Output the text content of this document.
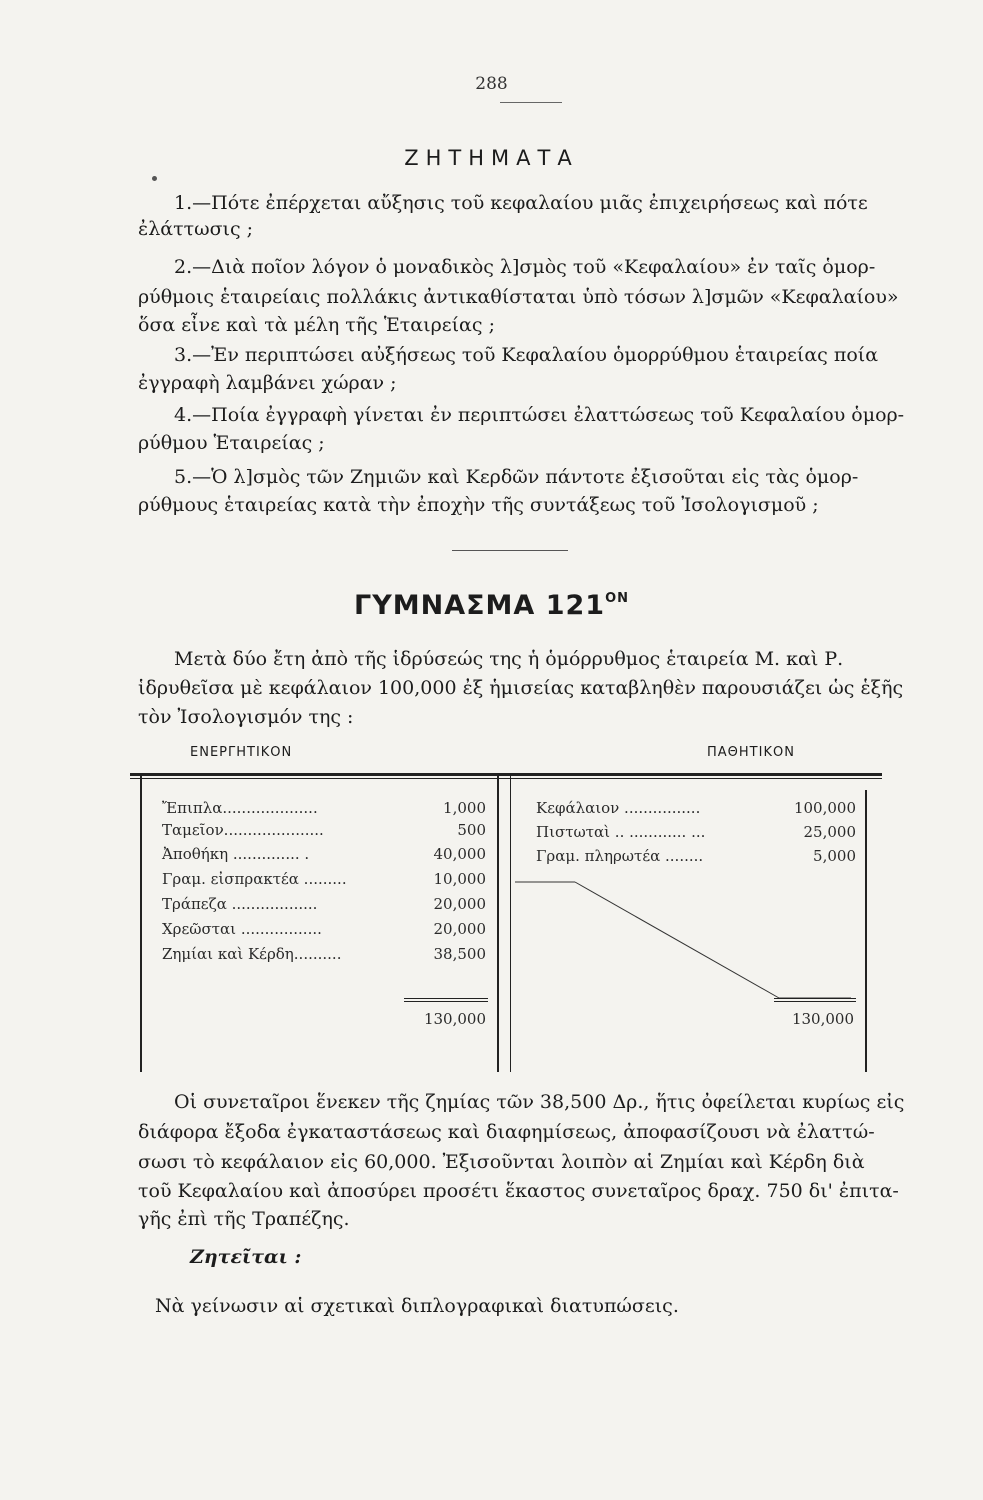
288
ΖΗΤΗΜΑΤΑ
1.—Πότε ἐπέρχεται αὔξησις τοῦ κεφαλαίου μιᾶς ἐπιχειρήσεως καὶ πότε
ἐλάττωσις ;
2.—Διὰ ποῖον λόγον ὁ μοναδικὸς λ]σμὸς τοῦ «Κεφαλαίου» ἐν ταῖς ὁμορ-
ρύθμοις ἑταιρείαις πολλάκις ἀντικαθίσταται ὑπὸ τόσων λ]σμῶν «Κεφαλαίου»
ὅσα εἶνε καὶ τὰ μέλη τῆς Ἑταιρείας ;
3.—Ἐν περιπτώσει αὐξήσεως τοῦ Κεφαλαίου ὁμορρύθμου ἑταιρείας ποία
ἐγγραφὴ λαμβάνει χώραν ;
4.—Ποία ἐγγραφὴ γίνεται ἐν περιπτώσει ἐλαττώσεως τοῦ Κεφαλαίου ὁμορ-
ρύθμου Ἑταιρείας ;
5.—Ὁ λ]σμὸς τῶν Ζημιῶν καὶ Κερδῶν πάντοτε ἐξισοῦται εἰς τὰς ὁμορ-
ρύθμους ἑταιρείας κατὰ τὴν ἐποχὴν τῆς συντάξεως τοῦ Ἰσολογισμοῦ ;
ΓΥΜΝΑΣΜΑ $121^{ON}$
Μετὰ δύο ἔτη ἀπὸ τῆς ἱδρύσεώς της ἡ ὁμόρρυθμος ἑταιρεία Μ. καὶ Ρ.
ἱδρυθεῖσα μὲ κεφάλαιον 100,000 ἐξ ἡμισείας καταβληθὲν παρουσιάζει ὡς ἑξῆς
τὸν Ἰσολογισμόν της :
ΕΝΕΡΓΗΤΙΚΟΝ	ΠΑΘΗΤΙΚΟΝ
Ἔπιπλα....................	1,000
Ταμεῖον.....................	500
Ἀποθήκη .............. .	40,000
Γραμ. εἰσπρακτέα .........	10,000
Τράπεζα ..................	20,000
Χρεῶσται .................	20,000
Ζημίαι καὶ Κέρδη..........	38,500
Κεφάλαιον ................	100,000
Πιστωταὶ .. ............ ...	25,000
Γραμ. πληρωτέα ........	5,000
130,000	130,000
Οἱ συνεταῖροι ἕνεκεν τῆς ζημίας τῶν 38,500 Δρ., ἥτις ὀφείλεται κυρίως εἰς
διάφορα ἔξοδα ἐγκαταστάσεως καὶ διαφημίσεως, ἀποφασίζουσι νὰ ἐλαττώ-
σωσι τὸ κεφάλαιον εἰς 60,000. Ἐξισοῦνται λοιπὸν αἱ Ζημίαι καὶ Κέρδη διὰ
τοῦ Κεφαλαίου καὶ ἀποσύρει προσέτι ἕκαστος συνεταῖρος δραχ. 750 δι' ἐπιτα-
γῆς ἐπὶ τῆς Τραπέζης.
Ζητεῖται :
Νὰ γείνωσιν αἱ σχετικαὶ διπλογραφικαὶ διατυπώσεις.
